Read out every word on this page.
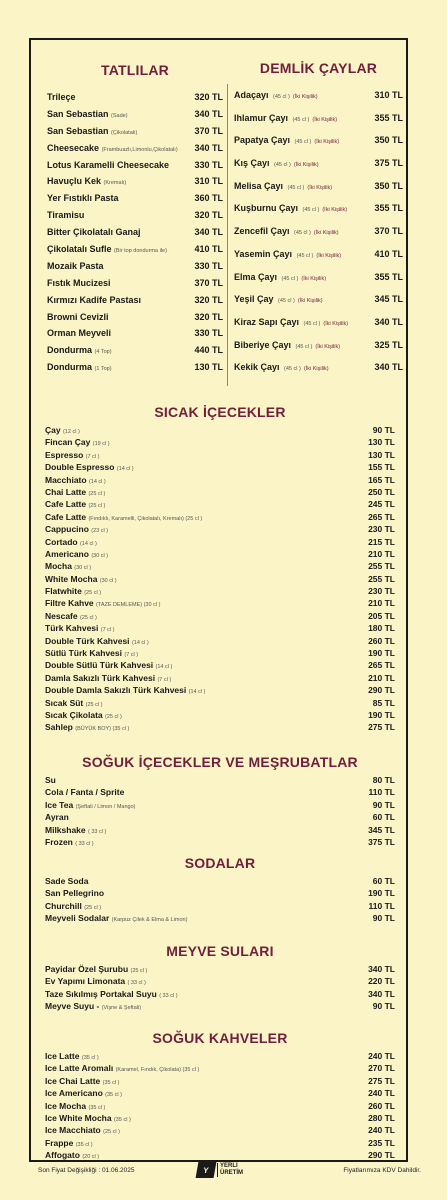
TATLILAR
Trileçe	320 TL
San Sebastian (Sade)	340 TL
San Sebastian (Çikolatalı)	370 TL
Cheesecake (Frambuazlı,Limonlu,Çikolatalı) 340 TL
Lotus Karamelli Cheesecake	330 TL
Havuçlu Kek (Kremalı)	310 TL
Yer Fıstıklı Pasta	360 TL
Tiramisu	320 TL
Bitter Çikolatalı Ganaj	340 TL
Çikolatalı Sufle (Bir top dondurma ile)	410 TL
Mozaik Pasta	330 TL
Fıstık Mucizesi	370 TL
Kırmızı Kadife Pastası	320 TL
Browni Cevizli	320 TL
Orman Meyveli	330 TL
Dondurma (4 Top)	440 TL
Dondurma (1 Top)	130 TL
DEMLİK ÇAYLAR
Adaçayı (45 cl ) (İki Kişilik)	310 TL
Ihlamur Çayı (45 cl ) (İki Kişilik)	355 TL
Papatya Çayı (45 cl ) (İki Kişilik)	350 TL
Kış Çayı (45 cl ) (İki Kişilik)	375 TL
Melisa Çayı (45 cl ) (İki Kişilik)	350 TL
Kuşburnu Çayı (45 cl ) (İki Kişilik)	355 TL
Zencefil Çayı (45 cl ) (İki Kişilik)	370 TL
Yasemin Çayı (45 cl ) (İki Kişilik)	410 TL
Elma Çayı (45 cl ) (İki Kişilik)	355 TL
Yeşil Çay (45 cl ) (İki Kişilik)	345 TL
Kiraz Sapı Çayı (45 cl ) (İki Kişilik)	340 TL
Biberiye Çayı (45 cl ) (İki Kişilik)	325 TL
Kekik Çayı (45 cl ) (İki Kişilik)	340 TL
SICAK İÇECEKLER
Çay (12 cl )	90 TL
Fincan Çay (19 cl )	130 TL
Espresso (7 cl )	130 TL
Double Espresso (14 cl )	155 TL
Macchiato (14 cl )	165 TL
Chai Latte (25 cl )	250 TL
Cafe Latte (25 cl )	245 TL
Cafe Latte (Fındıklı, Karamelli, Çikolatalı, Kremalı) (25 cl )	265 TL
Cappucino (23 cl )	230 TL
Cortado (14 cl )	215 TL
Americano (30 cl )	210 TL
Mocha (30 cl )	255 TL
White Mocha (30 cl )	255 TL
Flatwhite (25 cl )	230 TL
Filtre Kahve (TAZE DEMLEME) (30 cl )	210 TL
Nescafe (25 cl )	205 TL
Türk Kahvesi (7 cl )	180 TL
Double Türk Kahvesi (14 cl )	260 TL
Sütlü Türk Kahvesi (7 cl )	190 TL
Double Sütlü Türk Kahvesi (14 cl )	265 TL
Damla Sakızlı Türk Kahvesi (7 cl )	210 TL
Double Damla Sakızlı Türk Kahvesi (14 cl )	290 TL
Sıcak Süt (25 cl )	85 TL
Sıcak Çikolata (25 cl )	190 TL
Sahlep (BÜYÜK BOY) (35 cl )	275 TL
SOĞUK İÇECEKLER VE MEŞRUBATLAR
Su	80 TL
Cola / Fanta / Sprite	110 TL
Ice Tea (Şeftali / Limon / Mango)	90 TL
Ayran	60 TL
Milkshake ( 33 cl )	345 TL
Frozen ( 33 cl )	375 TL
SODALAR
Sade Soda	60 TL
San Pellegrino	190 TL
Churchill (25 cl )	110 TL
Meyveli Sodalar (Karpuz Çilek & Elma & Limon)	90 TL
MEYVE SULARI
Payidar Özel Şurubu (25 cl )	340 TL
Ev Yapımı Limonata ( 33 cl )	220 TL
Taze Sıkılmış Portakal Suyu ( 33 cl )	340 TL
Meyve Suyu - (Vişne & Şeftali)	90 TL
SOĞUK KAHVELER
Ice Latte (35 cl )	240 TL
Ice Latte Aromalı (Karamel, Fındık, Çikolata) (35 cl )	270 TL
Ice Chai Latte (35 cl )	275 TL
Ice Americano (35 cl )	240 TL
Ice Mocha (35 cl )	260 TL
Ice White Mocha (35 cl )	280 TL
Ice Macchiato (25 cl )	240 TL
Frappe (35 cl )	235 TL
Affogato (20 cl )	290 TL
Son Fiyat Değişikliği : 01.06.2025	Y	YERLİ
ÜRETİM	Fiyatlarımıza KDV Dahildir.
